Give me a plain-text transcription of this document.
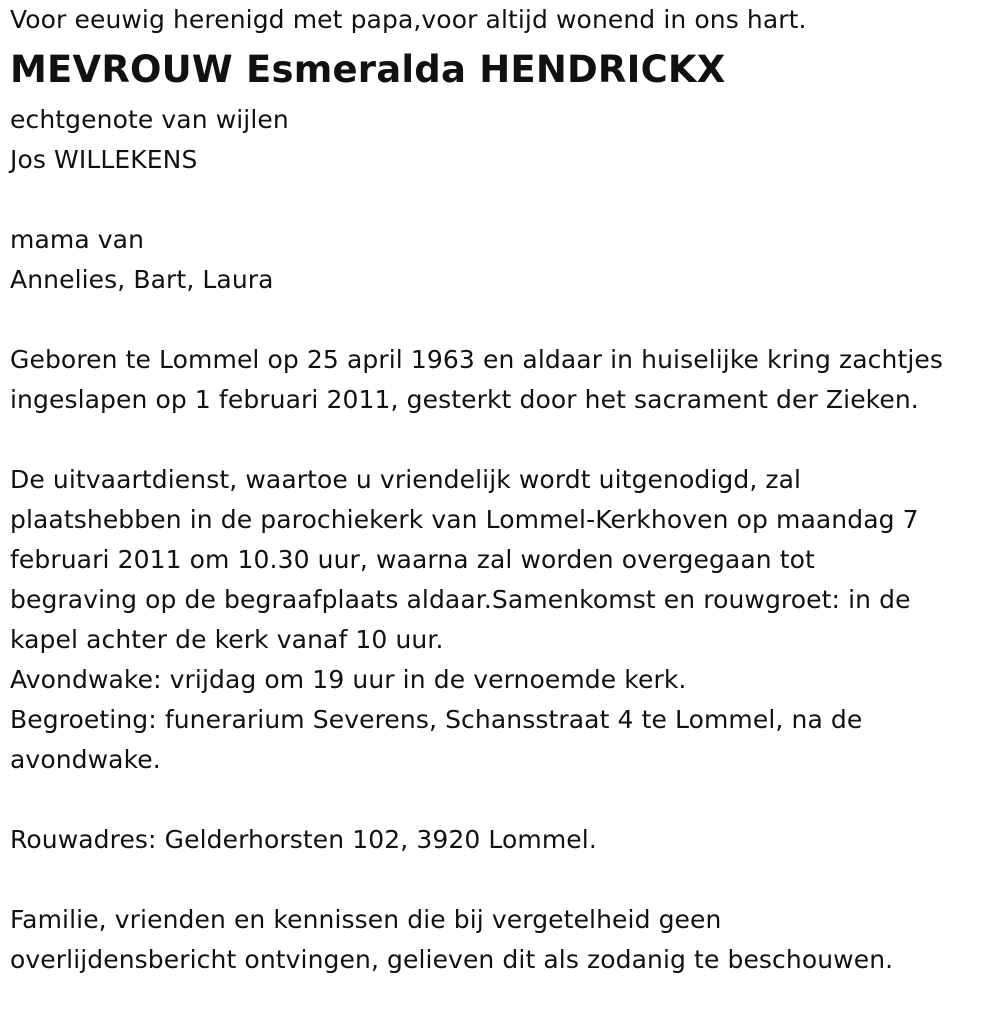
Voor eeuwig herenigd met papa,voor altijd wonend in ons hart.
MEVROUW Esmeralda HENDRICKX
echtgenote van wijlen
Jos WILLEKENS
mama van
Annelies, Bart, Laura
Geboren te Lommel op 25 april 1963 en aldaar in huiselijke kring zachtjes
ingeslapen op 1 februari 2011, gesterkt door het sacrament der Zieken.
De uitvaartdienst, waartoe u vriendelijk wordt uitgenodigd, zal
plaatshebben in de parochiekerk van Lommel-Kerkhoven op maandag 7
februari 2011 om 10.30 uur, waarna zal worden overgegaan tot
begraving op de begraafplaats aldaar.Samenkomst en rouwgroet: in de
kapel achter de kerk vanaf 10 uur.
Avondwake: vrijdag om 19 uur in de vernoemde kerk.
Begroeting: funerarium Severens, Schansstraat 4 te Lommel, na de
avondwake.
Rouwadres: Gelderhorsten 102, 3920 Lommel.
Familie, vrienden en kennissen die bij vergetelheid geen
overlijdensbericht ontvingen, gelieven dit als zodanig te beschouwen.
